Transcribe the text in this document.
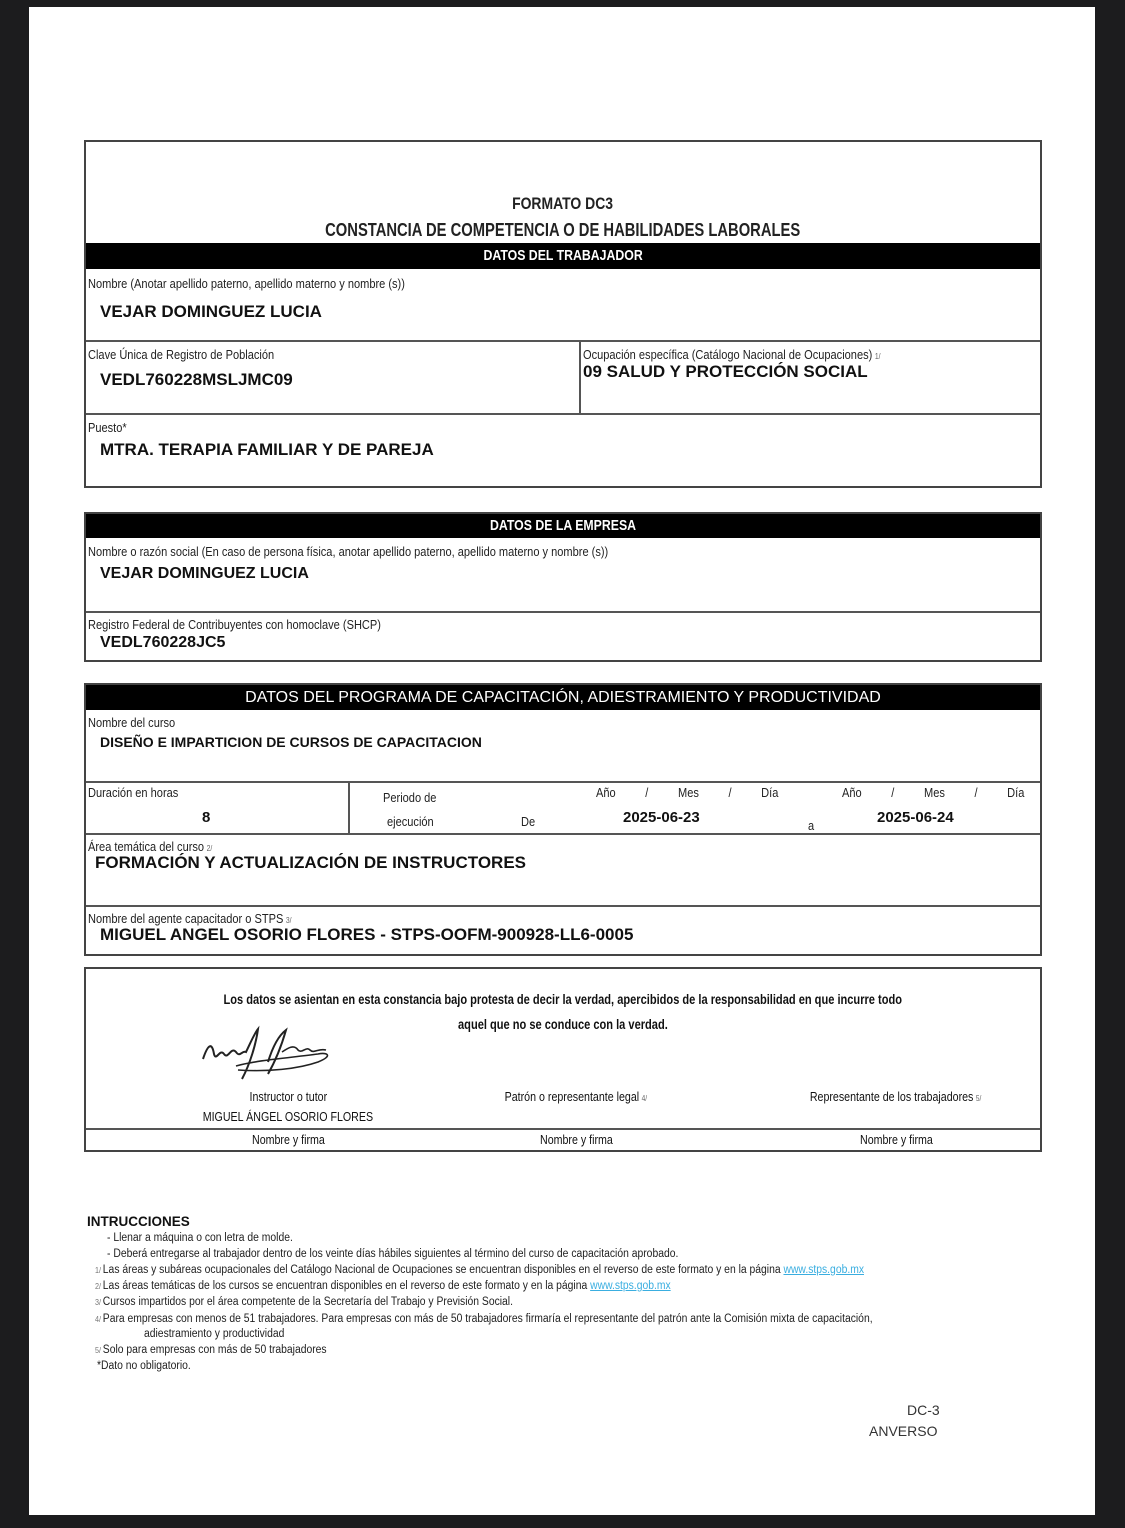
FORMATO DC3
CONSTANCIA DE COMPETENCIA O DE HABILIDADES LABORALES
DATOS DEL TRABAJADOR
Nombre (Anotar apellido paterno, apellido materno y nombre (s))
VEJAR DOMINGUEZ LUCIA
Clave Única de Registro de Población
VEDL760228MSLJMC09
Ocupación específica (Catálogo Nacional de Ocupaciones) 1/
09 SALUD Y PROTECCIÓN SOCIAL
Puesto*
MTRA. TERAPIA FAMILIAR Y DE PAREJA
DATOS DE LA EMPRESA
Nombre o razón social (En caso de persona física, anotar apellido paterno, apellido materno y nombre (s))
VEJAR DOMINGUEZ LUCIA
Registro Federal de Contribuyentes con homoclave (SHCP)
VEDL760228JC5
DATOS DEL PROGRAMA DE CAPACITACIÓN, ADIESTRAMIENTO Y PRODUCTIVIDAD
Nombre del curso
DISEÑO E IMPARTICION DE CURSOS DE CAPACITACION
Duración en horas
8
Periodo de
ejecución	De
Año / Mes / Día
2025-06-23	a
Año / Mes / Día
2025-06-24
Área temática del curso 2/
FORMACIÓN Y ACTUALIZACIÓN DE INSTRUCTORES
Nombre del agente capacitador o STPS 3/
MIGUEL ANGEL OSORIO FLORES - STPS-OOFM-900928-LL6-0005
Los datos se asientan en esta constancia bajo protesta de decir la verdad, apercibidos de la responsabilidad en que incurre todo
aquel que no se conduce con la verdad.
Instructor o tutor
MIGUEL ÁNGEL OSORIO FLORES
Patrón o representante legal 4/	Representante de los trabajadores 5/
Nombre y firma	Nombre y firma	Nombre y firma
INTRUCCIONES
- Llenar a máquina o con letra de molde.
- Deberá entregarse al trabajador dentro de los veinte días hábiles siguientes al término del curso de capacitación aprobado.
1/ Las áreas y subáreas ocupacionales del Catálogo Nacional de Ocupaciones se encuentran disponibles en el reverso de este formato y en la página www.stps.gob.mx
2/ Las áreas temáticas de los cursos se encuentran disponibles en el reverso de este formato y en la página www.stps.gob.mx
3/ Cursos impartidos por el área competente de la Secretaría del Trabajo y Previsión Social.
4/ Para empresas con menos de 51 trabajadores. Para empresas con más de 50 trabajadores firmaría el representante del patrón ante la Comisión mixta de capacitación,
adiestramiento y productividad
5/ Solo para empresas con más de 50 trabajadores
*Dato no obligatorio.
DC-3
ANVERSO
